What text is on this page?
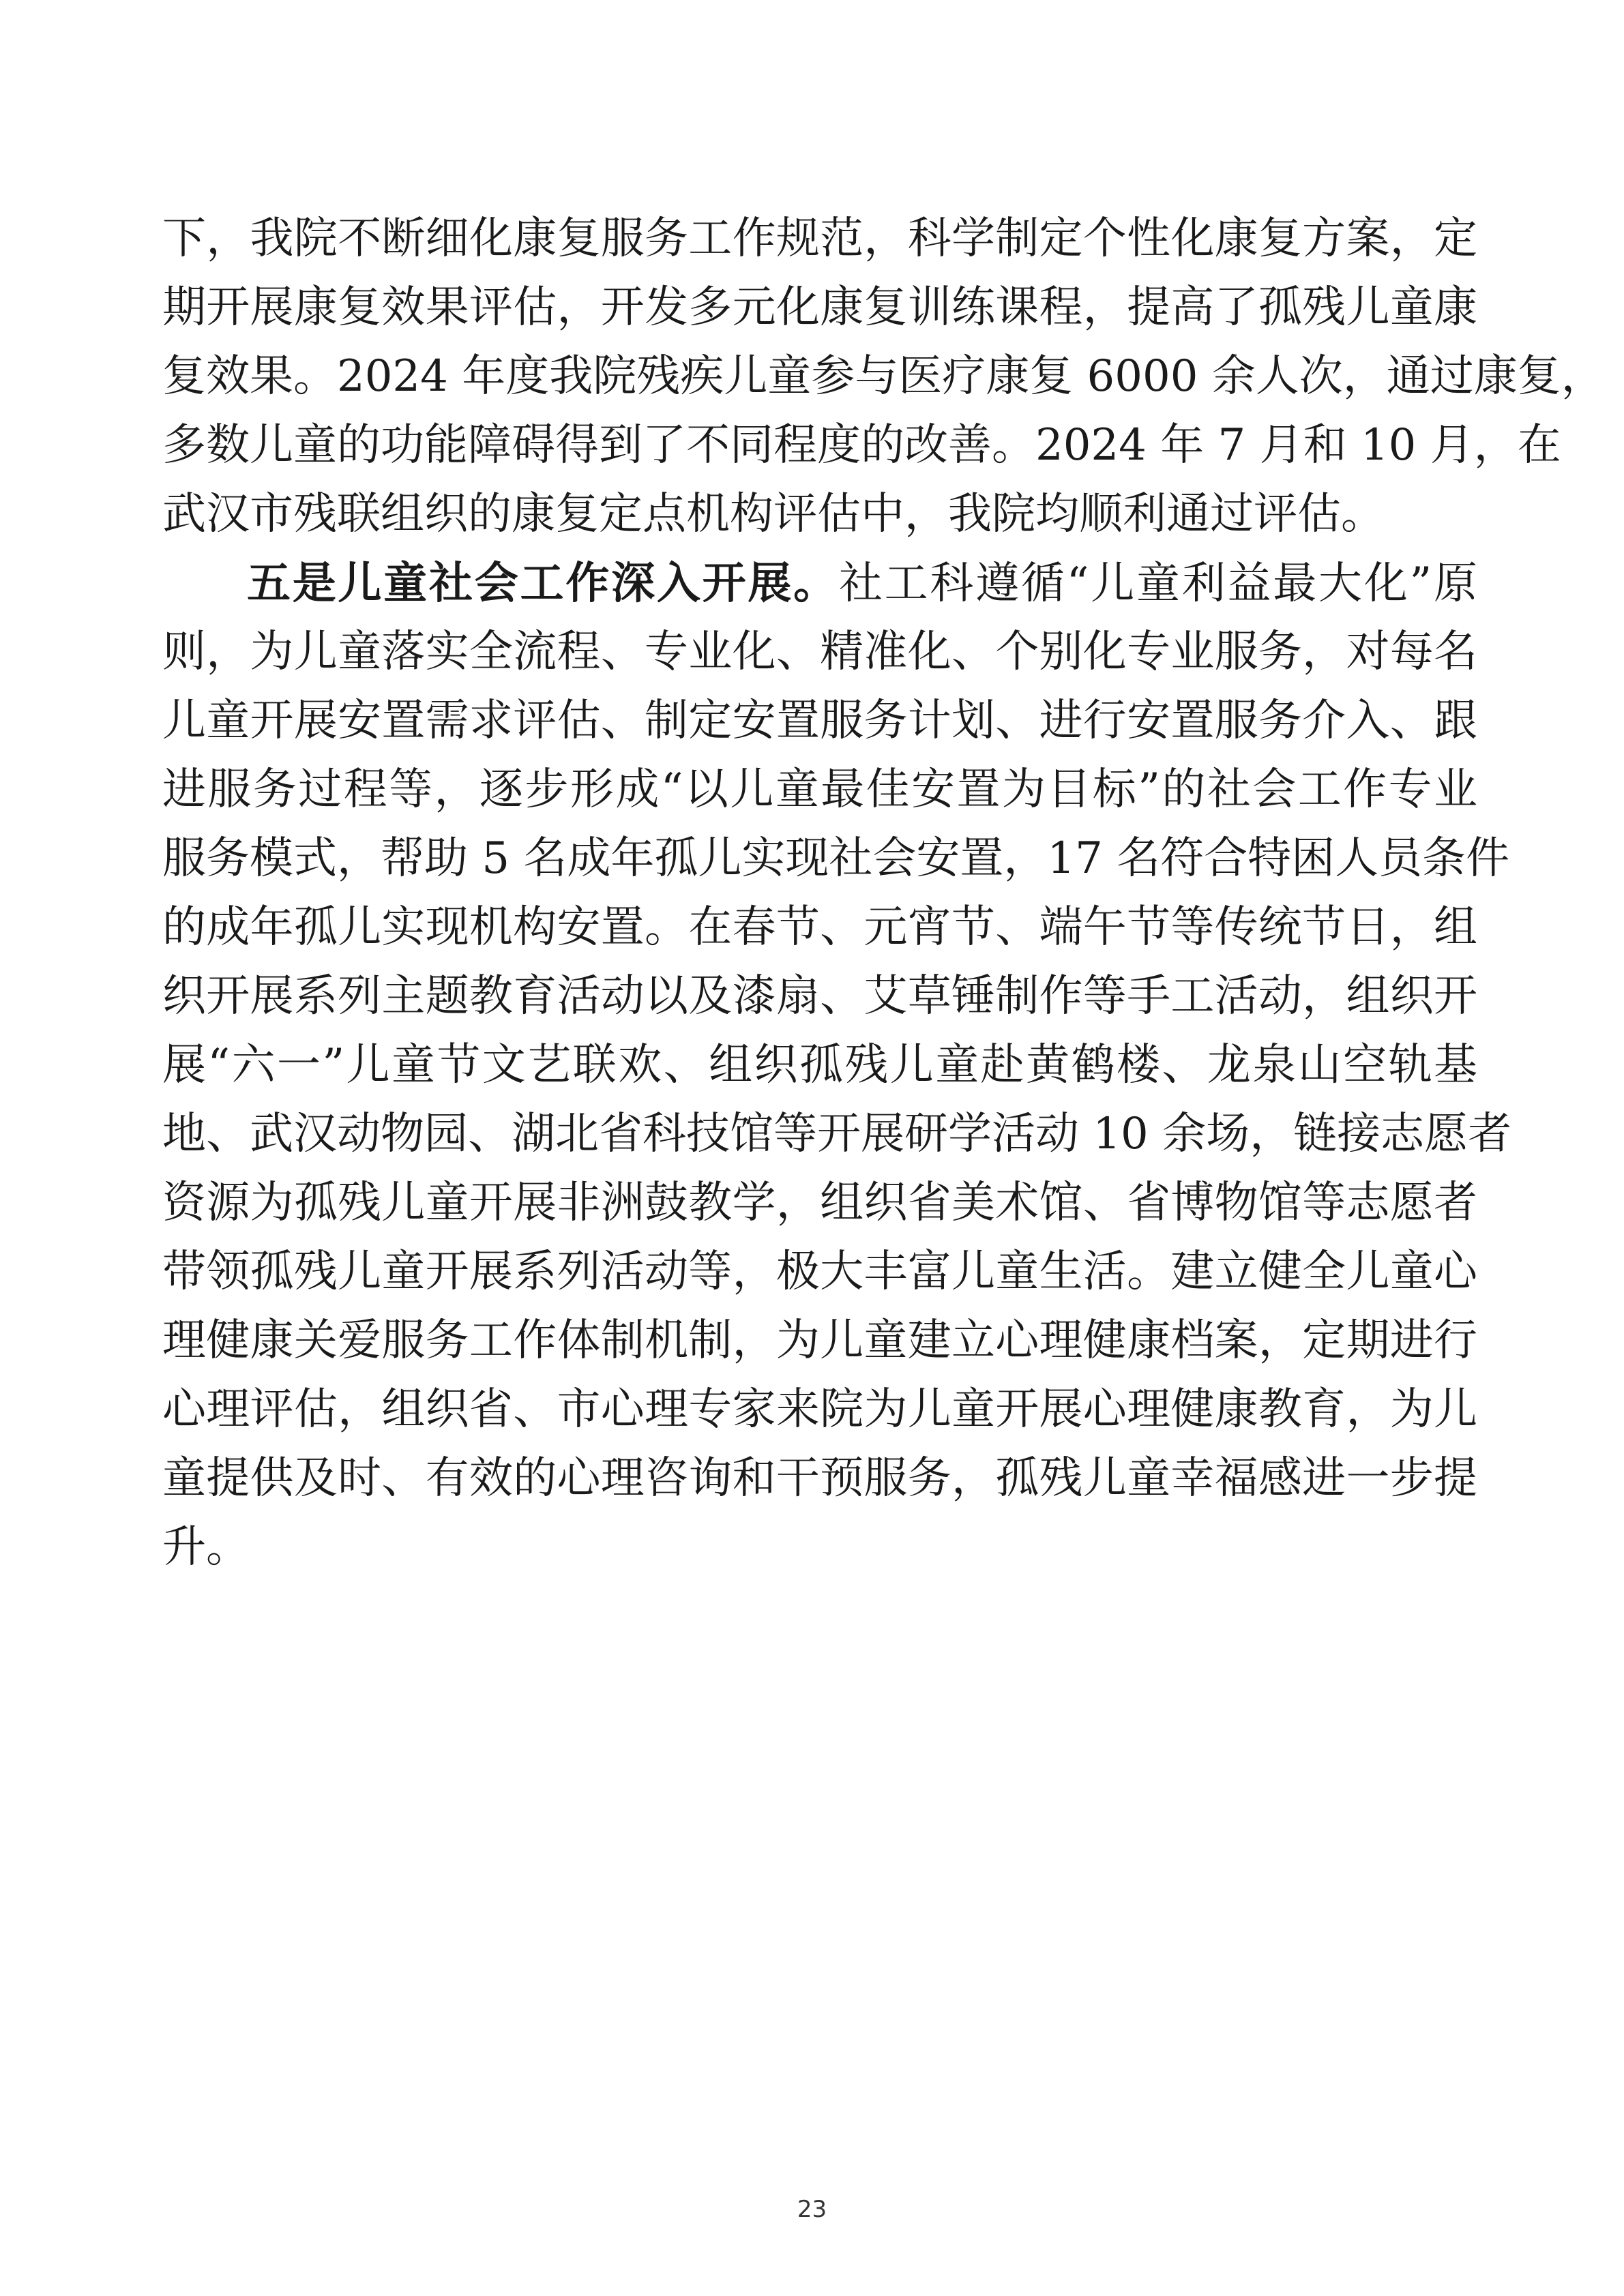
下，我院不断细化康复服务工作规范，科学制定个性化康复方案，定
期开展康复效果评估，开发多元化康复训练课程，提高了孤残儿童康
复效果。2024 年度我院残疾儿童参与医疗康复 6000 余人次，通过康复，
多数儿童的功能障碍得到了不同程度的改善。2024 年 7 月和 10 月，在
武汉市残联组织的康复定点机构评估中，我院均顺利通过评估。
五是儿童社会工作深入开展。社工科遵循“儿童利益最大化”原
则，为儿童落实全流程、专业化、精准化、个别化专业服务，对每名
儿童开展安置需求评估、制定安置服务计划、进行安置服务介入、跟
进服务过程等，逐步形成“以儿童最佳安置为目标”的社会工作专业
服务模式，帮助 5 名成年孤儿实现社会安置，17 名符合特困人员条件
的成年孤儿实现机构安置。在春节、元宵节、端午节等传统节日，组
织开展系列主题教育活动以及漆扇、艾草锤制作等手工活动，组织开
展“六一”儿童节文艺联欢、组织孤残儿童赴黄鹤楼、龙泉山空轨基
地、武汉动物园、湖北省科技馆等开展研学活动 10 余场，链接志愿者
资源为孤残儿童开展非洲鼓教学，组织省美术馆、省博物馆等志愿者
带领孤残儿童开展系列活动等，极大丰富儿童生活。建立健全儿童心
理健康关爱服务工作体制机制，为儿童建立心理健康档案，定期进行
心理评估，组织省、市心理专家来院为儿童开展心理健康教育，为儿
童提供及时、有效的心理咨询和干预服务，孤残儿童幸福感进一步提
升。
23
